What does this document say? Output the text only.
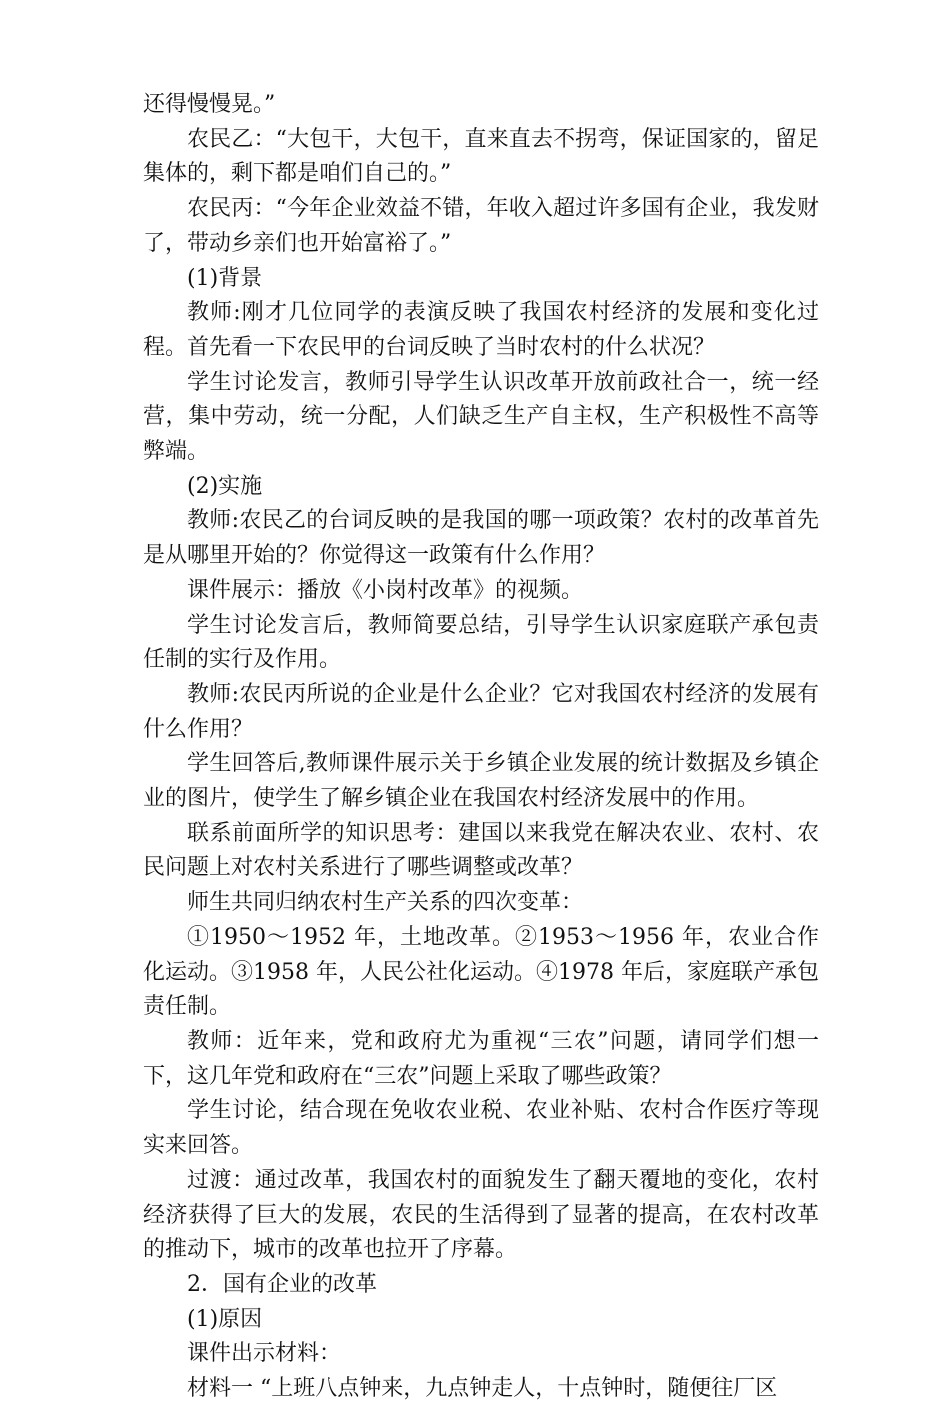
还得慢慢晃。”

农民乙：“大包干，大包干，直来直去不拐弯，保证国家的，留足集体的，剩下都是咱们自己的。”

农民丙：“今年企业效益不错，年收入超过许多国有企业，我发财了，带动乡亲们也开始富裕了。”

(1)背景

教师:刚才几位同学的表演反映了我国农村经济的发展和变化过程。首先看一下农民甲的台词反映了当时农村的什么状况？

学生讨论发言，教师引导学生认识改革开放前政社合一，统一经营，集中劳动，统一分配，人们缺乏生产自主权，生产积极性不高等弊端。

(2)实施

教师:农民乙的台词反映的是我国的哪一项政策？农村的改革首先是从哪里开始的？你觉得这一政策有什么作用？

课件展示：播放《小岗村改革》的视频。

学生讨论发言后，教师简要总结，引导学生认识家庭联产承包责任制的实行及作用。

教师:农民丙所说的企业是什么企业？它对我国农村经济的发展有什么作用？

学生回答后,教师课件展示关于乡镇企业发展的统计数据及乡镇企业的图片，使学生了解乡镇企业在我国农村经济发展中的作用。

联系前面所学的知识思考：建国以来我党在解决农业、农村、农民问题上对农村关系进行了哪些调整或改革？

师生共同归纳农村生产关系的四次变革：

①1950～1952 年，土地改革。②1953～1956 年，农业合作化运动。③1958 年，人民公社化运动。④1978 年后，家庭联产承包责任制。

教师：近年来，党和政府尤为重视“三农”问题，请同学们想一下，这几年党和政府在“三农”问题上采取了哪些政策？

学生讨论，结合现在免收农业税、农业补贴、农村合作医疗等现实来回答。

过渡：通过改革，我国农村的面貌发生了翻天覆地的变化，农村经济获得了巨大的发展，农民的生活得到了显著的提高，在农村改革的推动下，城市的改革也拉开了序幕。

2．国有企业的改革

(1)原因

课件出示材料：

材料一 “上班八点钟来，九点钟走人，十点钟时，随便往厂区
